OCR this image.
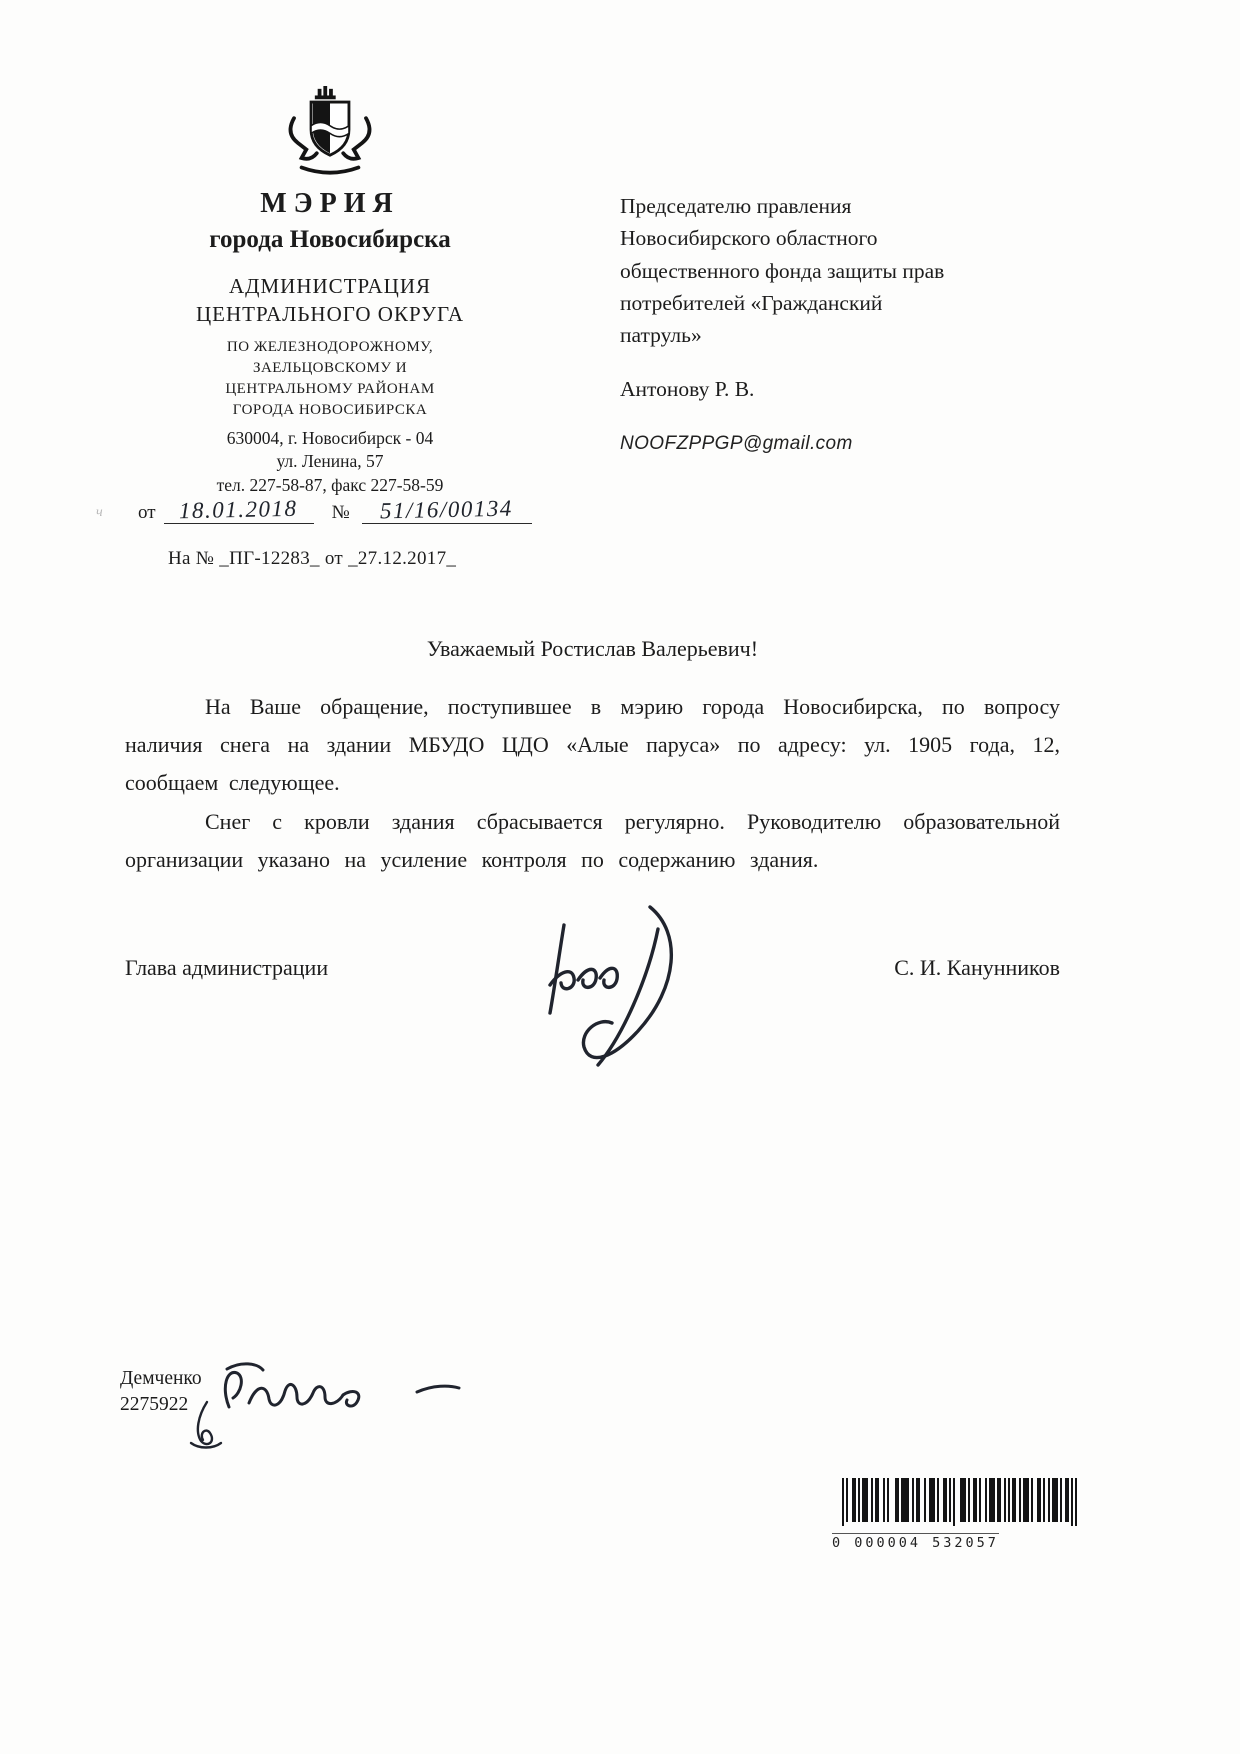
МЭРИЯ
города Новосибирска
АДМИНИСТРАЦИЯ
ЦЕНТРАЛЬНОГО ОКРУГА
ПО ЖЕЛЕЗНОДОРОЖНОМУ,
ЗАЕЛЬЦОВСКОМУ И
ЦЕНТРАЛЬНОМУ РАЙОНАМ
ГОРОДА НОВОСИБИРСКА
630004, г. Новосибирск - 04
ул. Ленина, 57
тел. 227-58-87, факс 227-58-59
Председателю правления
Новосибирского областного
общественного фонда защиты прав
потребителей «Гражданский
патруль»
Антонову Р. В.
NOOFZPPGP@gmail.com
от 18.01.2018 № 51/16/00134
На № _ПГ-12283_ от _27.12.2017_
ч
Уважаемый Ростислав Валерьевич!

На Ваше обращение, поступившее в мэрию города Новосибирска, по вопросу наличия снега на здании МБУДО ЦДО «Алые паруса» по адресу: ул. 1905 года, 12, сообщаем следующее.

Снег с кровли здания сбрасывается регулярно. Руководителю образовательной организации указано на усиление контроля по содержанию здания.

Глава администрации	С. И. Канунников
Демченко
2275922
0 000004 532057
